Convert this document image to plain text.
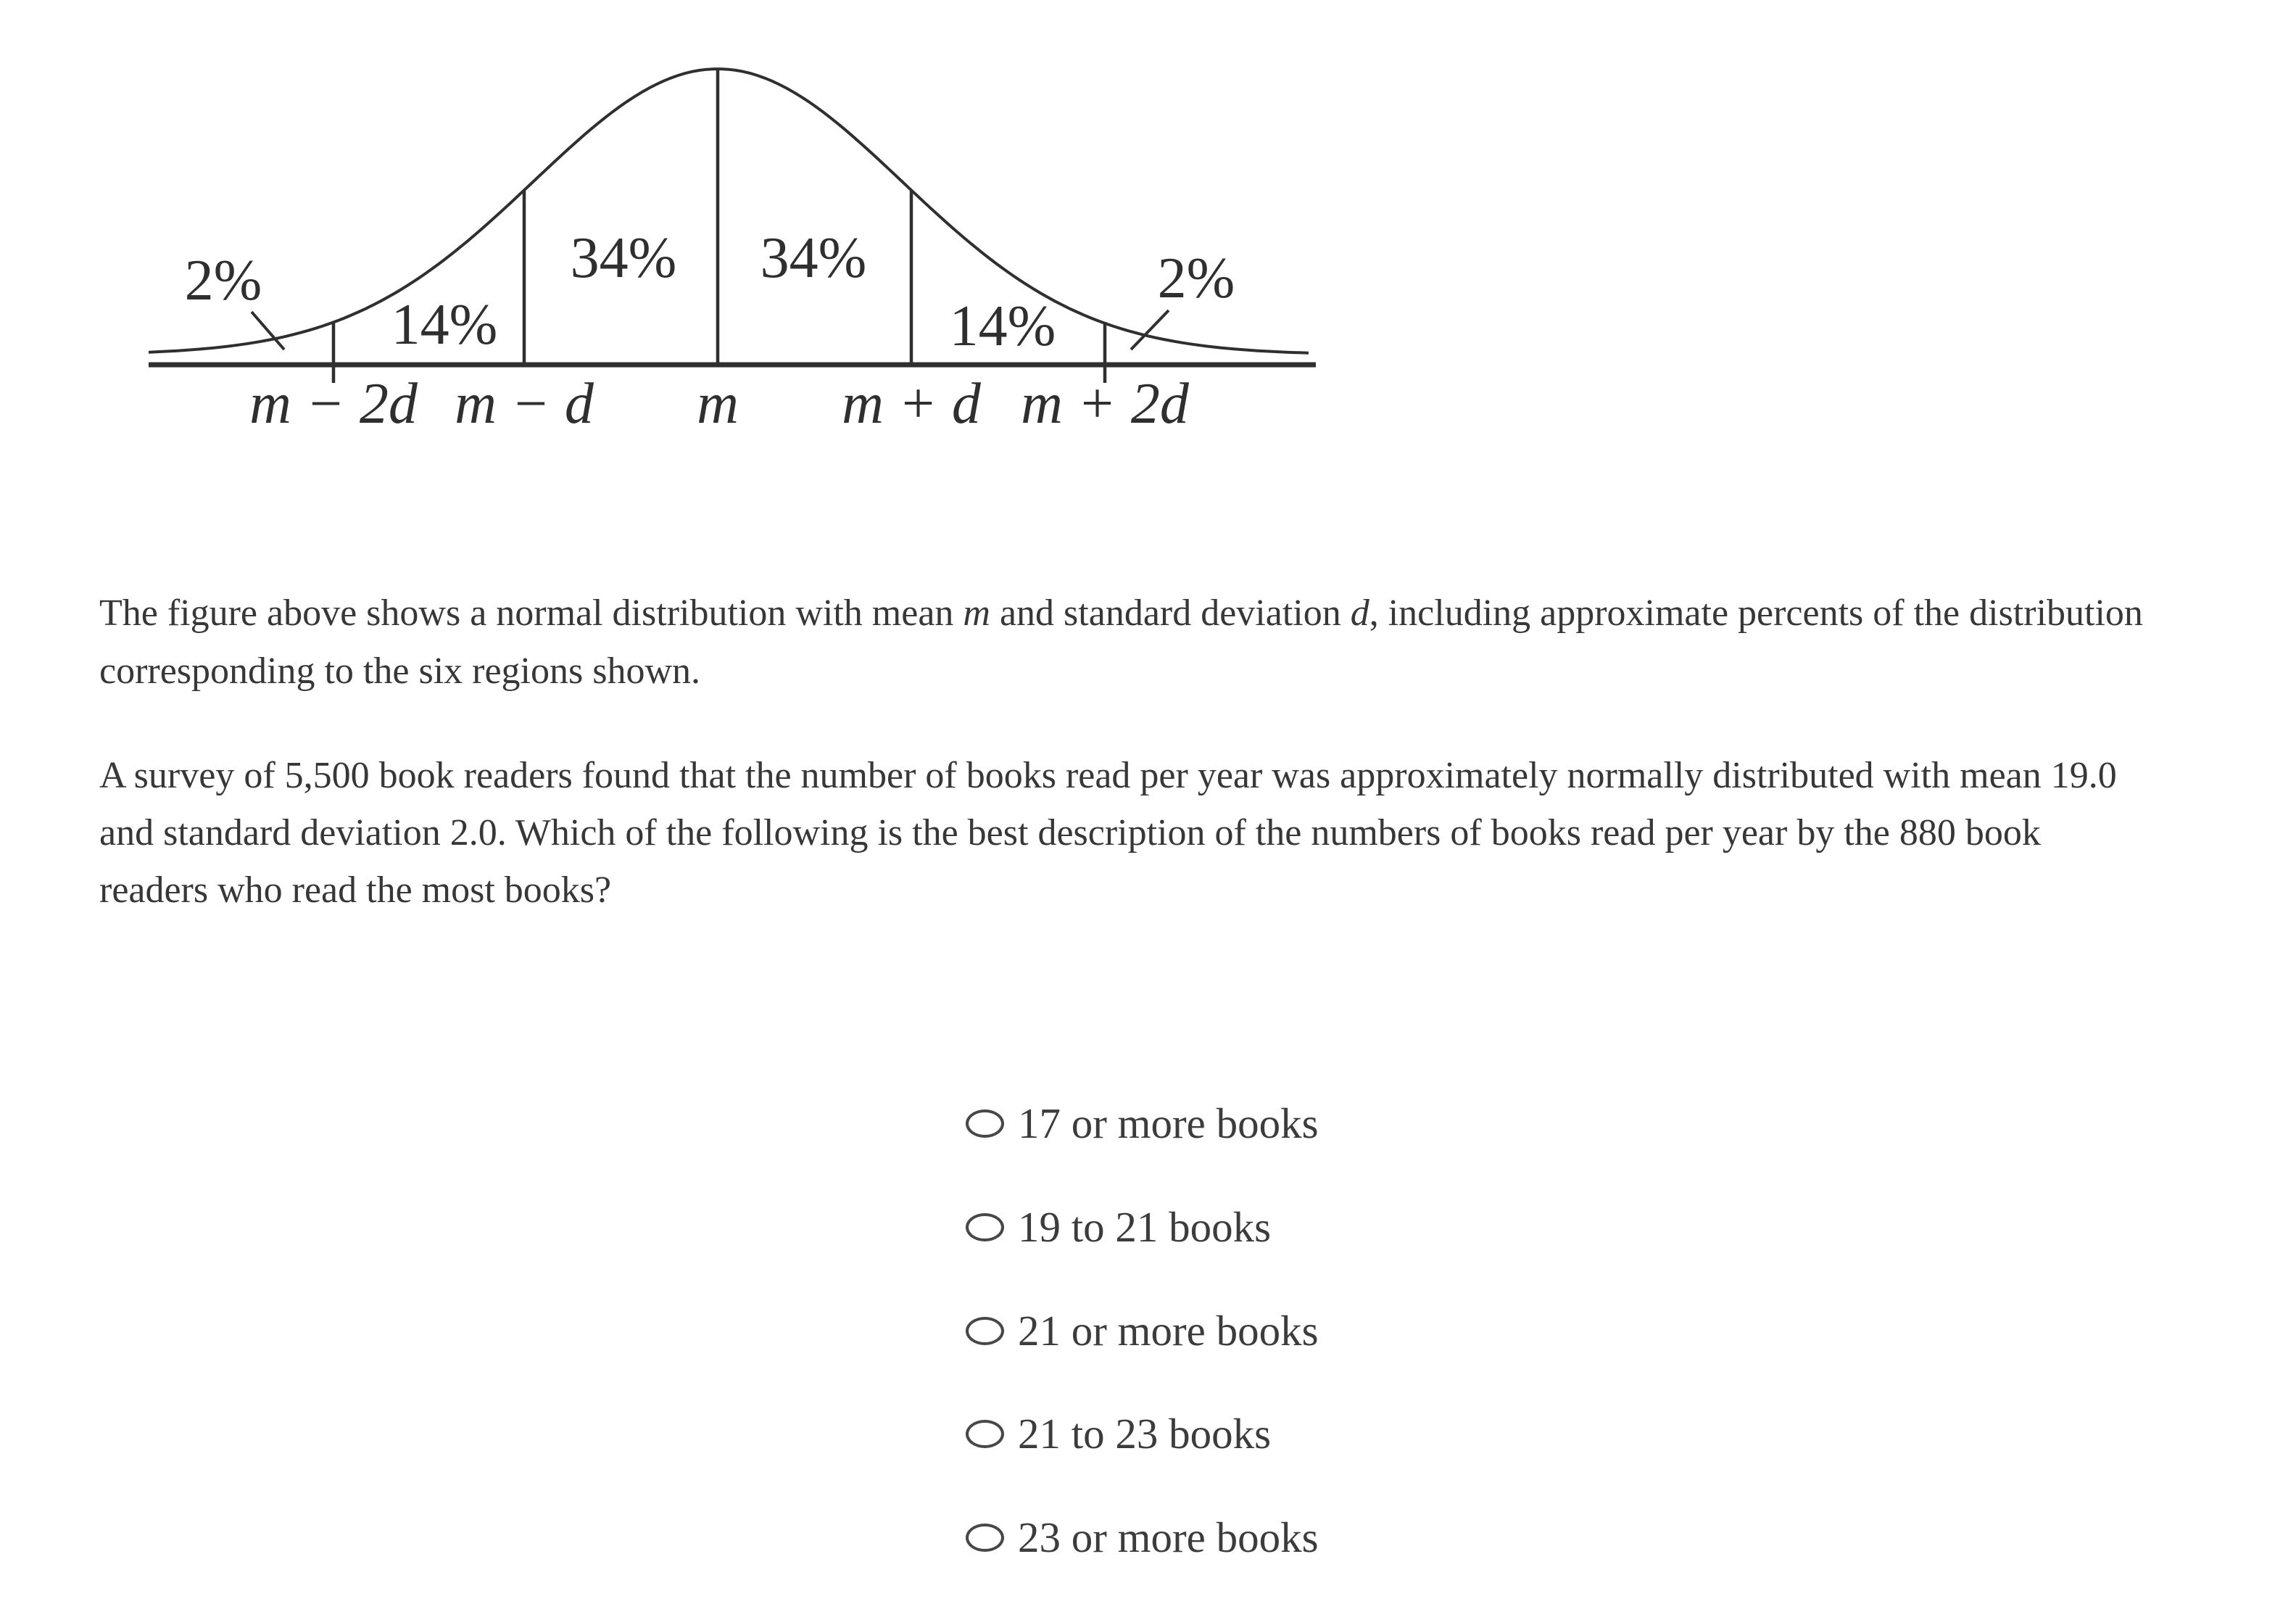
2%
14%
34% 34%
14%
2%
m − 2d m − d m m + d m + 2d
The figure above shows a normal distribution with mean m and standard deviation d, including approximate percents of the distribution
corresponding to the six regions shown.
A survey of 5,500 book readers found that the number of books read per year was approximately normally distributed with mean 19.0
and standard deviation 2.0. Which of the following is the best description of the numbers of books read per year by the 880 book
readers who read the most books?
17 or more books
19 to 21 books
21 or more books
21 to 23 books
23 or more books
